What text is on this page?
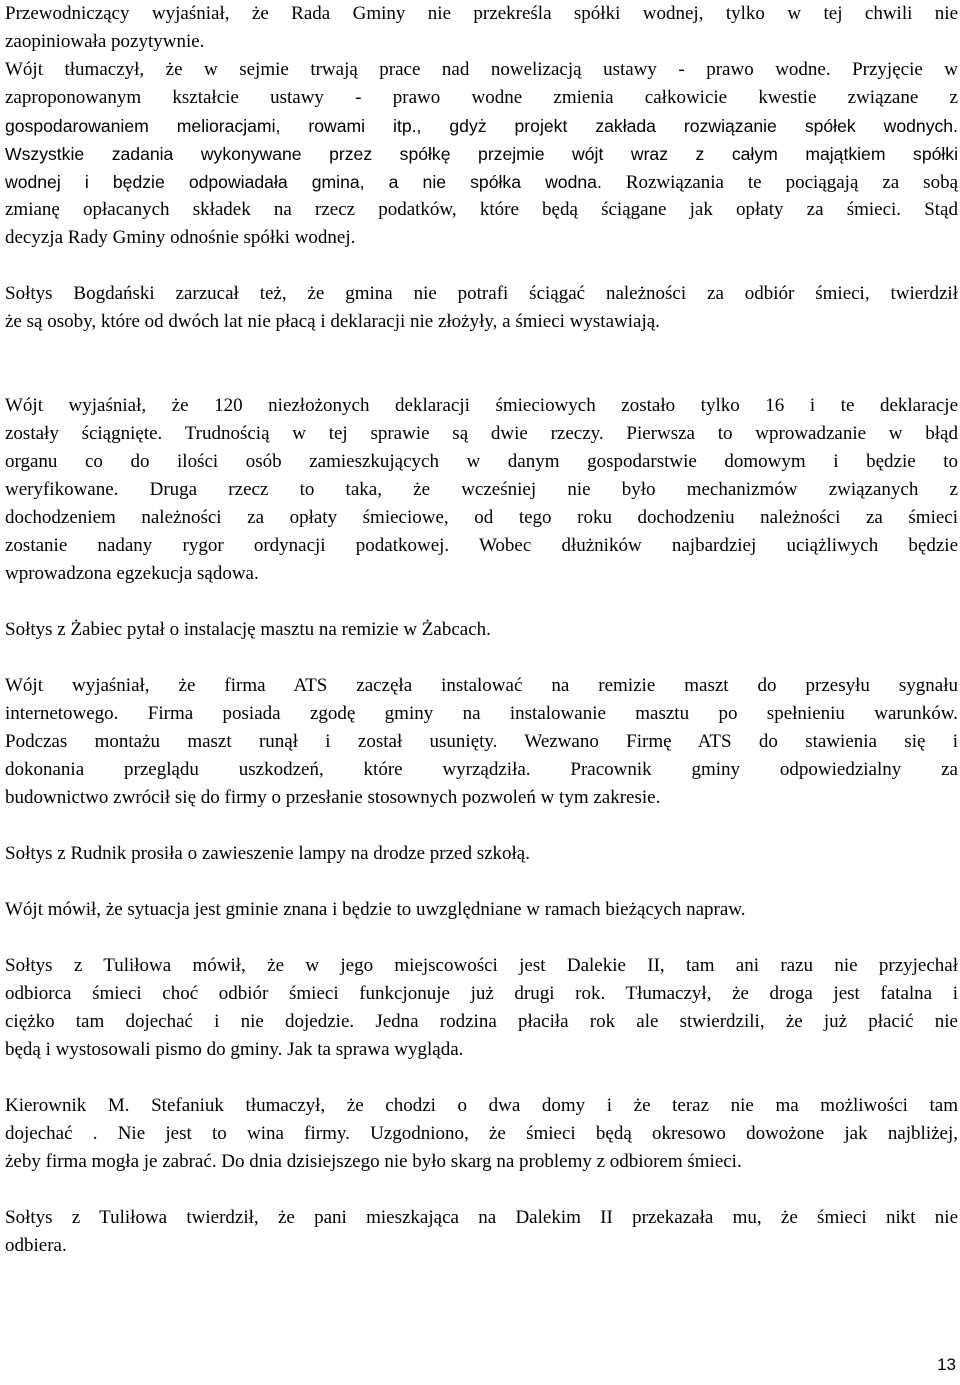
13
Przewodniczący wyjaśniał, że Rada Gminy nie przekreśla spółki wodnej, tylko w tej chwili nie
zaopiniowała pozytywnie.
Wójt tłumaczył, że w sejmie trwają prace nad nowelizacją ustawy - prawo wodne. Przyjęcie w
zaproponowanym kształcie ustawy - prawo wodne zmienia całkowicie kwestie związane z
gospodarowaniem melioracjami, rowami itp., gdyż projekt zakłada rozwiązanie spółek wodnych.
Wszystkie zadania wykonywane przez spółkę przejmie wójt wraz z całym majątkiem spółki
wodnej i będzie odpowiadała gmina, a nie spółka wodna. Rozwiązania te pociągają za sobą
zmianę opłacanych składek na rzecz podatków, które będą ściągane jak opłaty za śmieci. Stąd
decyzja Rady Gminy odnośnie spółki wodnej.
Sołtys Bogdański zarzucał też, że gmina nie potrafi ściągać należności za odbiór śmieci, twierdził
że są osoby, które od dwóch lat nie płacą i deklaracji nie złożyły, a śmieci wystawiają.
Wójt wyjaśniał, że 120 niezłożonych deklaracji śmieciowych zostało tylko 16 i te deklaracje
zostały ściągnięte. Trudnością w tej sprawie są dwie rzeczy. Pierwsza to wprowadzanie w błąd
organu co do ilości osób zamieszkujących w danym gospodarstwie domowym i będzie to
weryfikowane. Druga rzecz to taka, że wcześniej nie było mechanizmów związanych z
dochodzeniem należności za opłaty śmieciowe, od tego roku dochodzeniu należności za śmieci
zostanie nadany rygor ordynacji podatkowej. Wobec dłużników najbardziej uciążliwych będzie
wprowadzona egzekucja sądowa.
Sołtys z Żabiec pytał o instalację masztu na remizie w Żabcach.
Wójt wyjaśniał, że firma ATS zaczęła instalować na remizie maszt do przesyłu sygnału
internetowego. Firma posiada zgodę gminy na instalowanie masztu po spełnieniu warunków.
Podczas montażu maszt runął i został usunięty. Wezwano Firmę ATS do stawienia się i
dokonania przeglądu uszkodzeń, które wyrządziła. Pracownik gminy odpowiedzialny za
budownictwo zwrócił się do firmy o przesłanie stosownych pozwoleń w tym zakresie.
Sołtys z Rudnik prosiła o zawieszenie lampy na drodze przed szkołą.
Wójt mówił, że sytuacja jest gminie znana i będzie to uwzględniane w ramach bieżących napraw.
Sołtys z Tuliłowa mówił, że w jego miejscowości jest Dalekie II, tam ani razu nie przyjechał
odbiorca śmieci choć odbiór śmieci funkcjonuje już drugi rok. Tłumaczył, że droga jest fatalna i
ciężko tam dojechać i nie dojedzie. Jedna rodzina płaciła rok ale stwierdzili, że już płacić nie
będą i wystosowali pismo do gminy. Jak ta sprawa wygląda.
Kierownik M. Stefaniuk tłumaczył, że chodzi o dwa domy i że teraz nie ma możliwości tam
dojechać . Nie jest to wina firmy. Uzgodniono, że śmieci będą okresowo dowożone jak najbliżej,
żeby firma mogła je zabrać. Do dnia dzisiejszego nie było skarg na problemy z odbiorem śmieci.
Sołtys z Tuliłowa twierdził, że pani mieszkająca na Dalekim II przekazała mu, że śmieci nikt nie
odbiera.
